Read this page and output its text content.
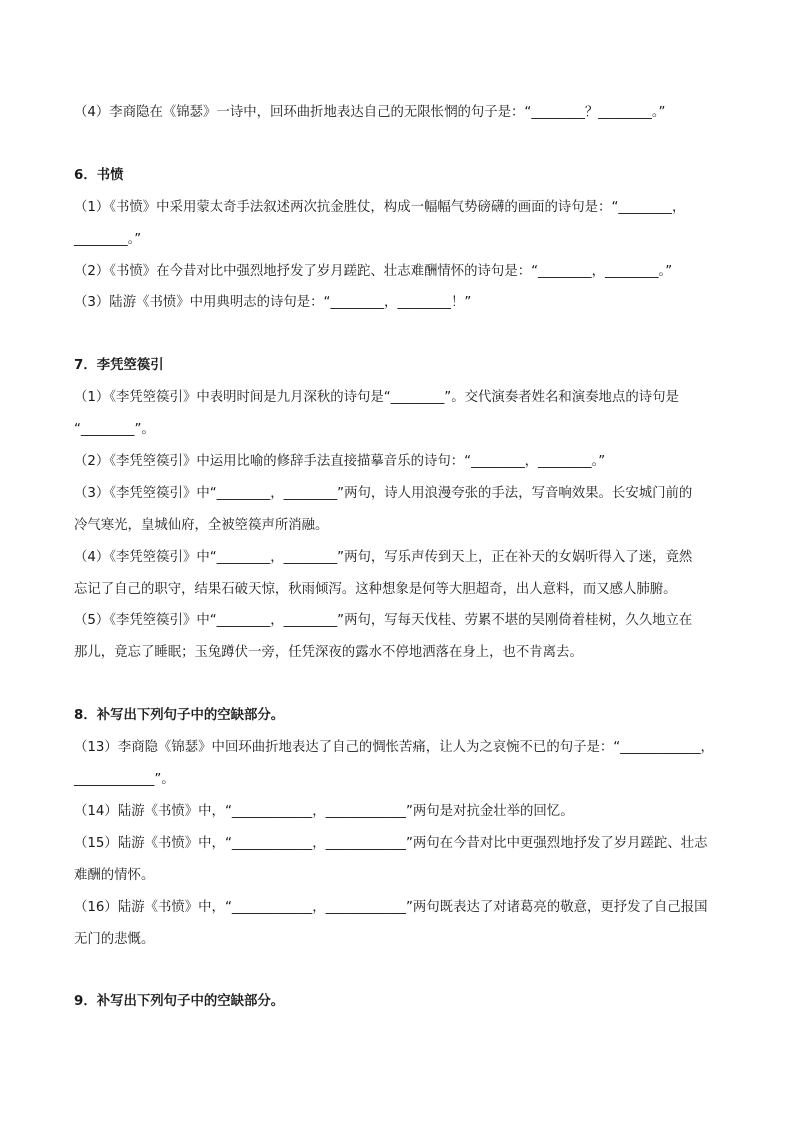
（4）李商隐在《锦瑟》一诗中，回环曲折地表达自己的无限怅惘的句子是：“________？________。”
6．书愤
（1）《书愤》中采用蒙太奇手法叙述两次抗金胜仗，构成一幅幅气势磅礴的画面的诗句是：“________，
________。”
（2）《书愤》在今昔对比中强烈地抒发了岁月蹉跎、壮志难酬情怀的诗句是：“________，________。”
（3）陆游《书愤》中用典明志的诗句是：“________，________！”
7．李凭箜篌引
（1）《李凭箜篌引》中表明时间是九月深秋的诗句是“________”。交代演奏者姓名和演奏地点的诗句是
“________”。
（2）《李凭箜篌引》中运用比喻的修辞手法直接描摹音乐的诗句：“________，________。”
（3）《李凭箜篌引》中“________，________”两句，诗人用浪漫夸张的手法，写音响效果。长安城门前的
冷气寒光，皇城仙府，全被箜篌声所消融。
（4）《李凭箜篌引》中“________，________”两句，写乐声传到天上，正在补天的女娲听得入了迷，竟然
忘记了自己的职守，结果石破天惊，秋雨倾泻。这种想象是何等大胆超奇，出人意料，而又感人肺腑。
（5）《李凭箜篌引》中“________，________”两句，写每天伐桂、劳累不堪的吴刚倚着桂树，久久地立在
那儿，竟忘了睡眠；玉兔蹲伏一旁，任凭深夜的露水不停地洒落在身上，也不肯离去。
8．补写出下列句子中的空缺部分。
（13）李商隐《锦瑟》中回环曲折地表达了自己的惆怅苦痛，让人为之哀惋不已的句子是：“____________，
____________”。
（14）陆游《书愤》中，“____________，____________”两句是对抗金壮举的回忆。
（15）陆游《书愤》中，“____________，____________”两句在今昔对比中更强烈地抒发了岁月蹉跎、壮志
难酬的情怀。
（16）陆游《书愤》中，“____________，____________”两句既表达了对诸葛亮的敬意，更抒发了自己报国
无门的悲慨。
9．补写出下列句子中的空缺部分。
